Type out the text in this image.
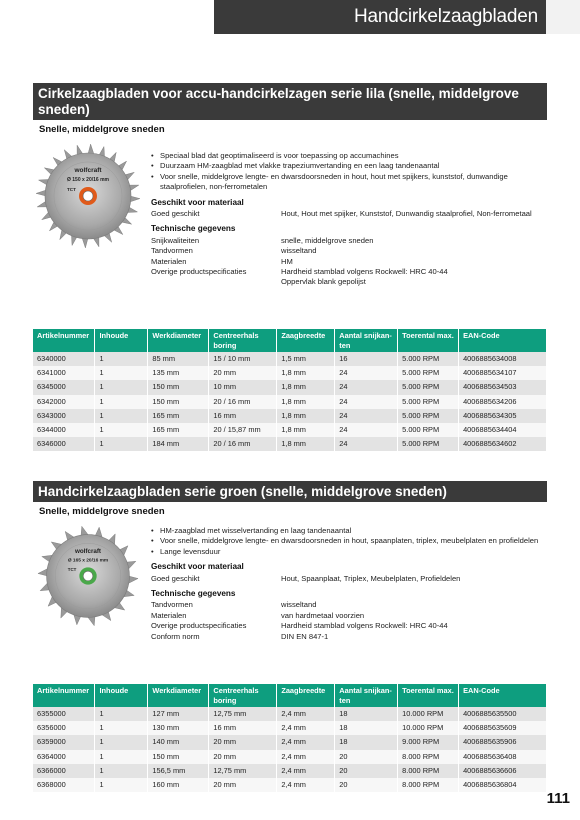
Handcirkelzaagbladen
Cirkelzaagbladen voor accu-handcirkelzagen serie lila (snelle, middelgrove sneden)
Snelle, middelgrove sneden
wolfcraft
Ø 150 x 20/16 mm
TCT
• Speciaal blad dat geoptimaliseerd is voor toepassing op accumachines
• Duurzaam HM-zaagblad met vlakke trapeziumvertanding en een laag tandenaantal
• Voor snelle, middelgrove lengte- en dwarsdoorsneden in hout, hout met spijkers, kunststof, dunwandige staalprofielen, non-ferrometalen
Geschikt voor materiaal
Goed geschikt	Hout, Hout met spijker, Kunststof, Dunwandig staalprofiel, Non-ferrometaal
Technische gegevens
Snijkwaliteiten	snelle, middelgrove sneden
Tandvormen	wisseltand
Materialen	HM
Overige productspecificaties	Hardheid stamblad volgens Rockwell: HRC 40-44
Oppervlak blank gepolijst
Artikelnummer	Inhoude	Werkdiameter	Centreerhals boring	Zaagbreedte	Aantal snijkan-ten	Toerental max.	EAN-Code
6340000	1	85 mm	15 / 10 mm	1,5 mm	16	5.000 RPM	4006885634008
6341000	1	135 mm	20 mm	1,8 mm	24	5.000 RPM	4006885634107
6345000	1	150 mm	10 mm	1,8 mm	24	5.000 RPM	4006885634503
6342000	1	150 mm	20 / 16 mm	1,8 mm	24	5.000 RPM	4006885634206
6343000	1	165 mm	16 mm	1,8 mm	24	5.000 RPM	4006885634305
6344000	1	165 mm	20 / 15,87 mm	1,8 mm	24	5.000 RPM	4006885634404
6346000	1	184 mm	20 / 16 mm	1,8 mm	24	5.000 RPM	4006885634602
Handcirkelzaagbladen serie groen (snelle, middelgrove sneden)
Snelle, middelgrove sneden
wolfcraft
Ø 165 x 20/16 mm
TCT
• HM-zaagblad met wisselvertanding en laag tandenaantal
• Voor snelle, middelgrove lengte- en dwarsdoorsneden in hout, spaanplaten, triplex, meubelplaten en profieldelen
• Lange levensduur
Geschikt voor materiaal
Goed geschikt	Hout, Spaanplaat, Triplex, Meubelplaten, Profieldelen
Technische gegevens
Tandvormen	wisseltand
Materialen	van hardmetaal voorzien
Overige productspecificaties	Hardheid stamblad volgens Rockwell: HRC 40-44
Conform norm	DIN EN 847-1
Artikelnummer	Inhoude	Werkdiameter	Centreerhals boring	Zaagbreedte	Aantal snijkan-ten	Toerental max.	EAN-Code
6355000	1	127 mm	12,75 mm	2,4 mm	18	10.000 RPM	4006885635500
6356000	1	130 mm	16 mm	2,4 mm	18	10.000 RPM	4006885635609
6359000	1	140 mm	20 mm	2,4 mm	18	9.000 RPM	4006885635906
6364000	1	150 mm	20 mm	2,4 mm	20	8.000 RPM	4006885636408
6366000	1	156,5 mm	12,75 mm	2,4 mm	20	8.000 RPM	4006885636606
6368000	1	160 mm	20 mm	2,4 mm	20	8.000 RPM	4006885636804
111
